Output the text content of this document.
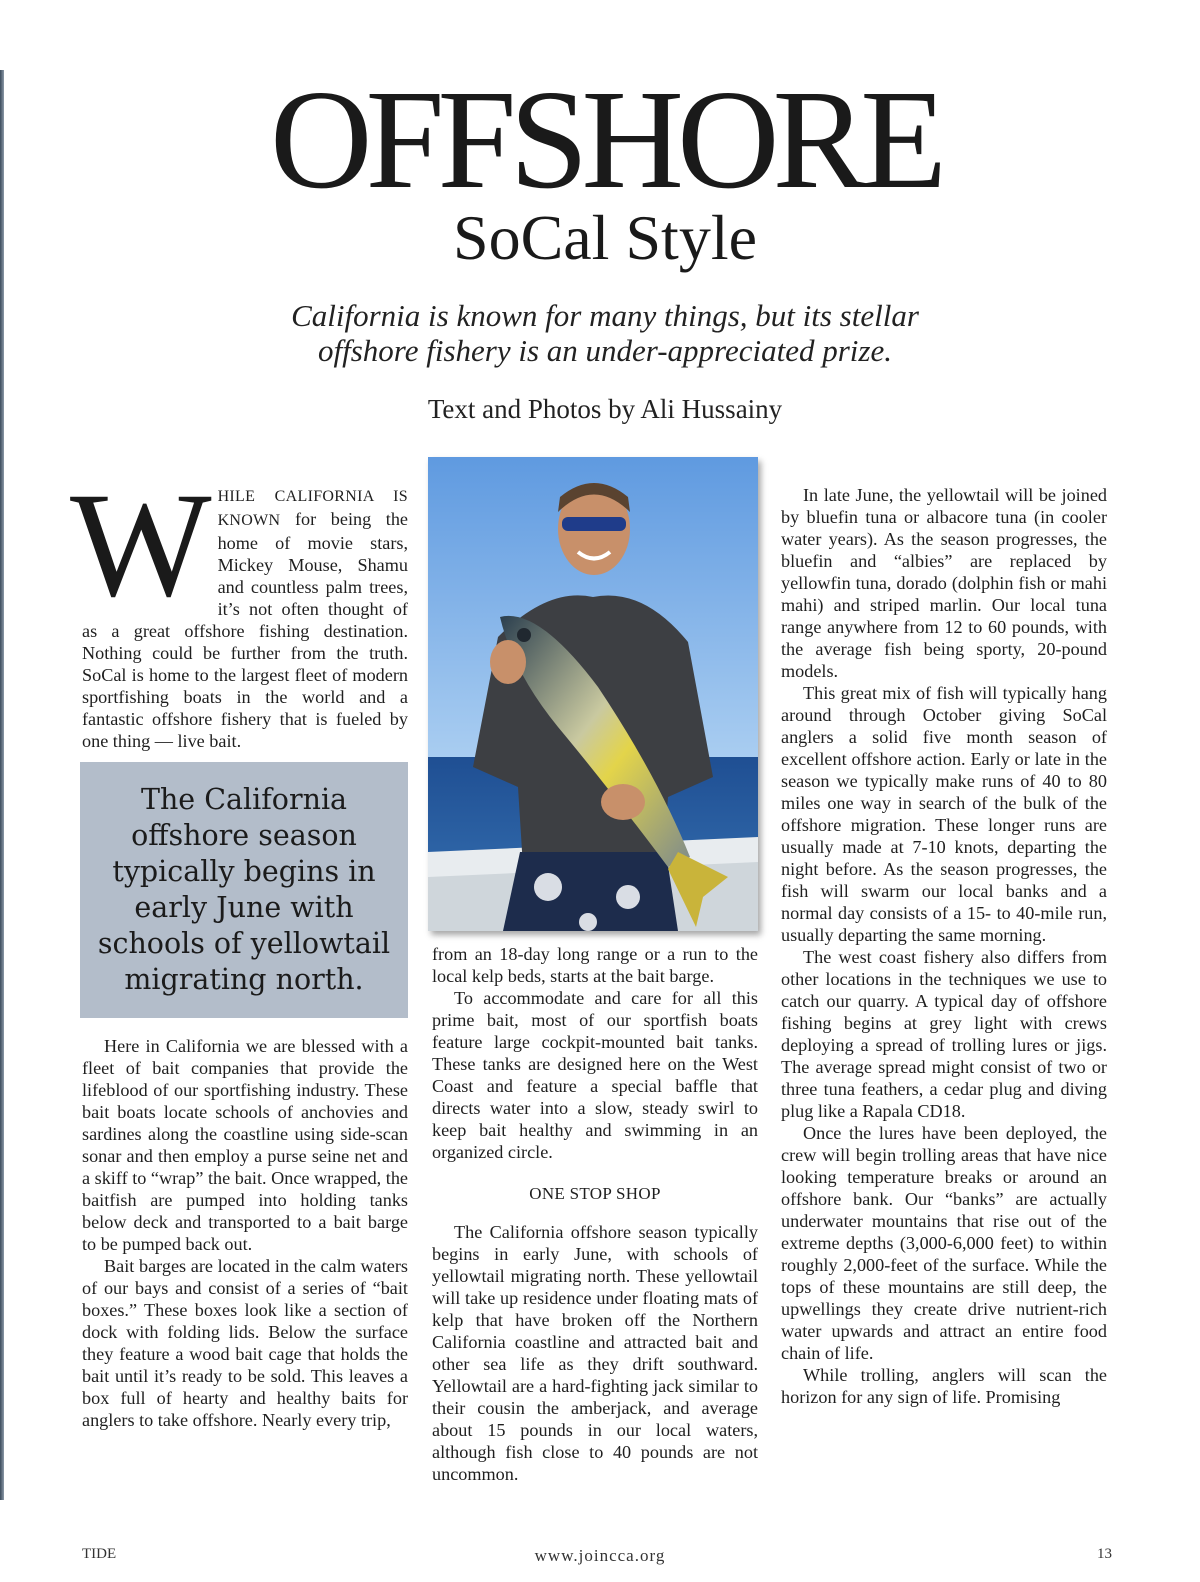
OFFSHORE
SoCal Style
California is known for many things, but its stellar
offshore fishery is an under-appreciated prize.
Text and Photos by Ali Hussainy

WHILE CALIFORNIA IS KNOWN for being the home of movie stars, Mickey Mouse, Shamu and countless palm trees, it’s not often thought of as a great offshore fishing destination. Nothing could be further from the truth. SoCal is home to the largest fleet of modern sportfishing boats in the world and a fantastic offshore fishery that is fueled by one thing — live bait.

The California offshore season typically begins in early June with schools of yellowtail migrating north.

Here in California we are blessed with a fleet of bait companies that provide the lifeblood of our sportfishing industry. These bait boats locate schools of anchovies and sardines along the coastline using side-scan sonar and then employ a purse seine net and a skiff to “wrap” the bait. Once wrapped, the baitfish are pumped into holding tanks below deck and transported to a bait barge to be pumped back out.

Bait barges are located in the calm waters of our bays and consist of a series of “bait boxes.” These boxes look like a section of dock with folding lids. Below the surface they feature a wood bait cage that holds the bait until it’s ready to be sold. This leaves a box full of hearty and healthy baits for anglers to take offshore. Nearly every trip,

from an 18-day long range or a run to the local kelp beds, starts at the bait barge.

To accommodate and care for all this prime bait, most of our sportfish boats feature large cockpit-mounted bait tanks. These tanks are designed here on the West Coast and feature a special baffle that directs water into a slow, steady swirl to keep bait healthy and swimming in an organized circle.

ONE STOP SHOP

The California offshore season typically begins in early June, with schools of yellowtail migrating north. These yellowtail will take up residence under floating mats of kelp that have broken off the Northern California coastline and attracted bait and other sea life as they drift southward. Yellowtail are a hard-fighting jack similar to their cousin the amberjack, and average about 15 pounds in our local waters, although fish close to 40 pounds are not uncommon.

In late June, the yellowtail will be joined by bluefin tuna or albacore tuna (in cooler water years). As the season progresses, the bluefin and “albies” are replaced by yellowfin tuna, dorado (dolphin fish or mahi mahi) and striped marlin. Our local tuna range anywhere from 12 to 60 pounds, with the average fish being sporty, 20-pound models.

This great mix of fish will typically hang around through October giving SoCal anglers a solid five month season of excellent offshore action. Early or late in the season we typically make runs of 40 to 80 miles one way in search of the bulk of the offshore migration. These longer runs are usually made at 7-10 knots, departing the night before. As the season progresses, the fish will swarm our local banks and a normal day consists of a 15- to 40-mile run, usually departing the same morning.

The west coast fishery also differs from other locations in the techniques we use to catch our quarry. A typical day of offshore fishing begins at grey light with crews deploying a spread of trolling lures or jigs. The average spread might consist of two or three tuna feathers, a cedar plug and diving plug like a Rapala CD18.

Once the lures have been deployed, the crew will begin trolling areas that have nice looking temperature breaks or around an offshore bank. Our “banks” are actually underwater mountains that rise out of the extreme depths (3,000-6,000 feet) to within roughly 2,000-feet of the surface. While the tops of these mountains are still deep, the upwellings they create drive nutrient-rich water upwards and attract an entire food chain of life.

While trolling, anglers will scan the horizon for any sign of life. Promising

TIDE	www.joincca.org	13
